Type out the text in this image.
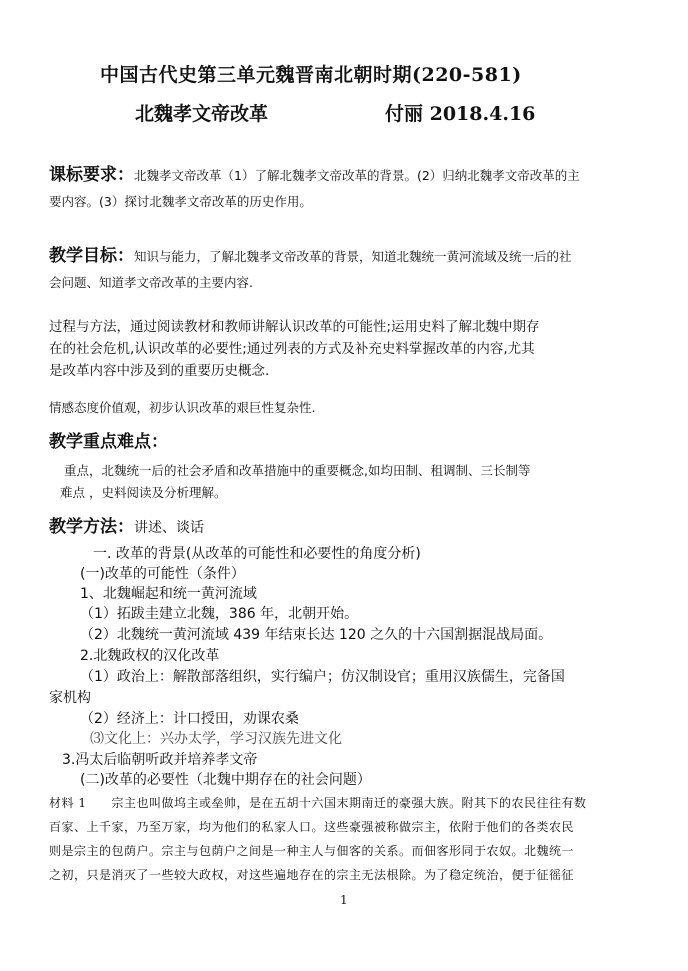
中国古代史第三单元魏晋南北朝时期(220-581)
北魏孝文帝改革	付丽 2018.4.16
课标要求：北魏孝文帝改革（1）了解北魏孝文帝改革的背景。(2）归纳北魏孝文帝改革的主
要内容。(3）探讨北魏孝文帝改革的历史作用。
教学目标：知识与能力，了解北魏孝文帝改革的背景，知道北魏统一黄河流域及统一后的社
会问题、知道孝文帝改革的主要内容.
过程与方法，通过阅读教材和教师讲解认识改革的可能性;运用史料了解北魏中期存
在的社会危机,认识改革的必要性;通过列表的方式及补充史料掌握改革的内容,尤其
是改革内容中涉及到的重要历史概念.
情感态度价值观，初步认识改革的艰巨性复杂性.
教学重点难点：
重点，北魏统一后的社会矛盾和改革措施中的重要概念,如均田制、租调制、三长制等
难点 ，史料阅读及分析理解。
教学方法：讲述、谈话
一. 改革的背景(从改革的可能性和必要性的角度分析)
(一)改革的可能性（条件）
1、北魏崛起和统一黄河流域
（1）拓跋圭建立北魏，386 年，北朝开始。
（2）北魏统一黄河流域 439 年结束长达 120 之久的十六国割据混战局面。
2.北魏政权的汉化改革
（1）政治上：解散部落组织，实行编户；仿汉制设官；重用汉族儒生，完备国
家机构
（2）经济上：计口授田，劝课农桑
⑶文化上：兴办太学，学习汉族先进文化
3.冯太后临朝听政并培养孝文帝
(二)改革的必要性（北魏中期存在的社会问题）
材料 1　　宗主也叫做坞主或垒帅，是在五胡十六国末期南迁的豪强大族。附其下的农民往往有数
百家、上千家，乃至万家，均为他们的私家人口。这些豪强被称做宗主，依附于他们的各类农民
则是宗主的包荫户。宗主与包荫户之间是一种主人与佃客的关系。而佃客形同于农奴。北魏统一
之初，只是消灭了一些较大政权，对这些遍地存在的宗主无法根除。为了稳定统治，便于征徭征
1
